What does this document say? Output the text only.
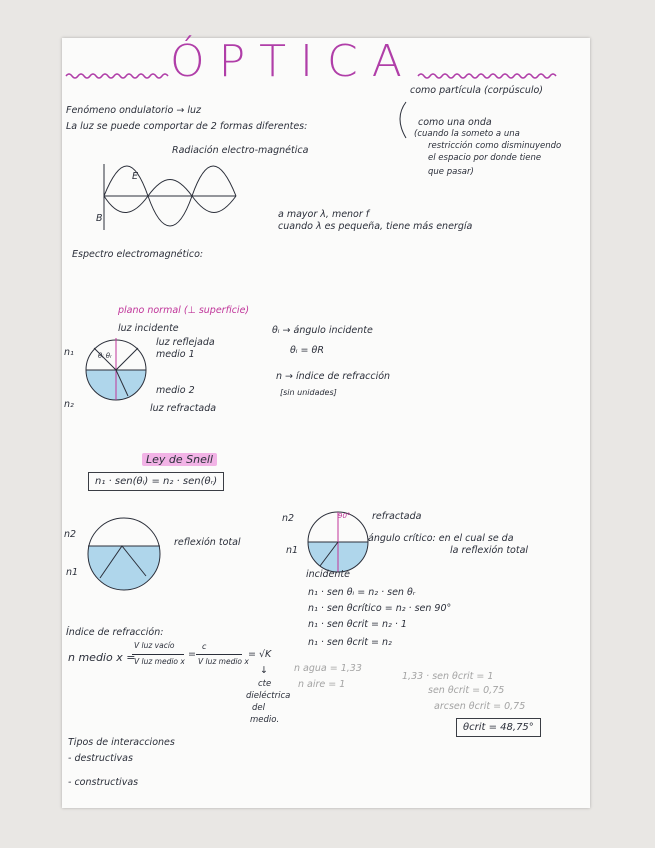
ÓPTICA
Fenómeno ondulatorio → luz
La luz se puede comportar de 2 formas diferentes:
como partícula (corpúsculo)
como una onda
(cuando la someto a una
restricción como disminuyendo
el espacio por donde tiene
que pasar)
Radiación electro-magnética
E
B	a mayor λ, menor f
cuando λ es pequeña, tiene más energía
Espectro electromagnético:
plano normal (⊥ superficie)
luz incidente
n₁
n₂
θᵢ θᵣ
luz reflejada
medio 1
medio 2
luz refractada
θᵢ → ángulo incidente
θᵢ = θR
n → índice de refracción
[sin unidades]
Ley de Snell
n₁ · sen(θᵢ) = n₂ · sen(θᵣ)
n2
n1
reflexión total
n2
n1
90° refractada
ángulo crítico: en el cual se da
la reflexión total
incidente
n₁ · sen θᵢ = n₂ · sen θᵣ
n₁ · sen θcrítico = n₂ · sen 90°
n₁ · sen θcrit = n₂ · 1
n₁ · sen θcrit = n₂
n agua = 1,33
n aire = 1
1,33 · sen θcrit = 1
sen θcrit = 0,75
arcsen θcrit = 0,75
θcrit = 48,75°
Índice de refracción:
n medio x =
V luz vacío
V luz medio x
=
c
V luz medio x
= √K
↓
cte
dieléctrica
del
medio.
Tipos de interacciones
- destructivas
- constructivas
